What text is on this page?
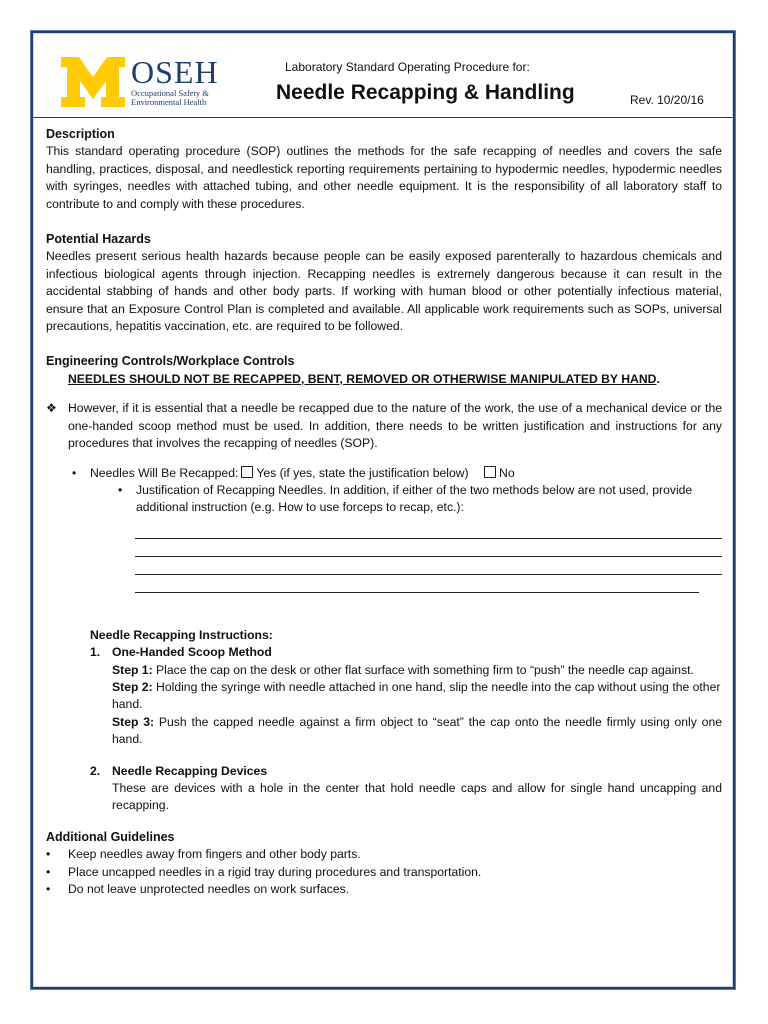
OSEH
Occupational Safety &
Environmental Health
Laboratory Standard Operating Procedure for:
Needle Recapping & Handling	Rev. 10/20/16
Description

This standard operating procedure (SOP) outlines the methods for the safe recapping of needles and covers the safe handling, practices, disposal, and needlestick reporting requirements pertaining to hypodermic needles, hypodermic needles with syringes, needles with attached tubing, and other needle equipment. It is the responsibility of all laboratory staff to contribute to and comply with these procedures.

Potential Hazards

Needles present serious health hazards because people can be easily exposed parenterally to hazardous chemicals and infectious biological agents through injection. Recapping needles is extremely dangerous because it can result in the accidental stabbing of hands and other body parts. If working with human blood or other potentially infectious material, ensure that an Exposure Control Plan is completed and available. All applicable work requirements such as SOPs, universal precautions, hepatitis vaccination, etc. are required to be followed.

Engineering Controls/Workplace Controls
NEEDLES SHOULD NOT BE RECAPPED, BENT, REMOVED OR OTHERWISE MANIPULATED BY HAND.
❖ However, if it is essential that a needle be recapped due to the nature of the work, the use of a mechanical device or the one-handed scoop method must be used. In addition, there needs to be written justification and instructions for any procedures that involves the recapping of needles (SOP).

•	Needles Will Be Recapped: Yes (if yes, state the justification below) No
•	Justification of Recapping Needles. In addition, if either of the two methods below are not used, provide additional instruction (e.g. How to use forceps to recap, etc.):

Needle Recapping Instructions:
1. One-Handed Scoop Method

Step 1: Place the cap on the desk or other flat surface with something firm to “push” the needle cap against.

Step 2: Holding the syringe with needle attached in one hand, slip the needle into the cap without using the other hand.

Step 3: Push the capped needle against a firm object to “seat” the cap onto the needle firmly using only one hand.

2. Needle Recapping Devices

These are devices with a hole in the center that hold needle caps and allow for single hand uncapping and recapping.

Additional Guidelines
•	Keep needles away from fingers and other body parts.
•	Place uncapped needles in a rigid tray during procedures and transportation.
•	Do not leave unprotected needles on work surfaces.
